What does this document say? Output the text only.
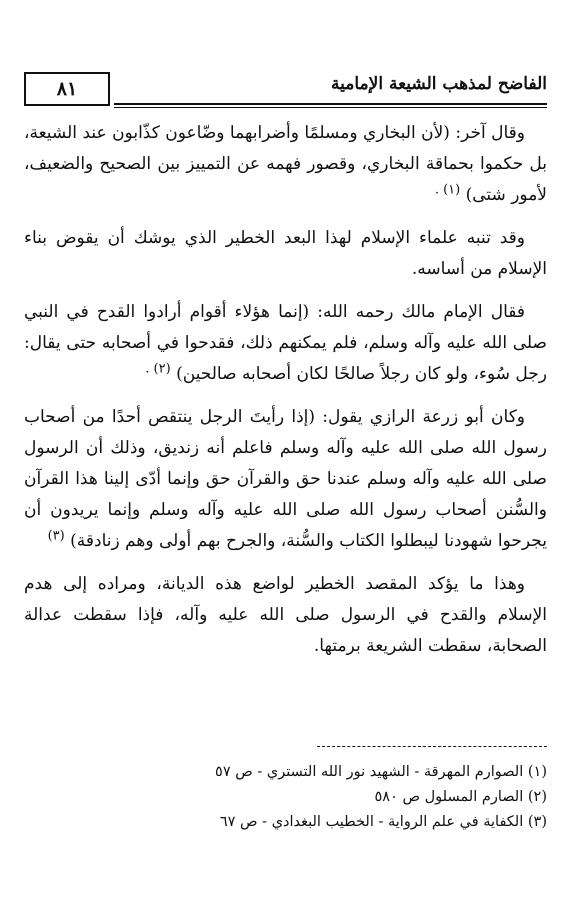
٨١	الفاضح لمذهب الشيعة الإمامية

وقال آخر: (لأن البخاري ومسلمًا وأضرابهما وضّاعون كذّابون عند الشيعة، بل حكموا بحماقة البخاري، وقصور فهمه عن التمييز بين الصحيح والضعيف، لأمور شتى) $^{(١) .}$

وقد تنبه علماء الإسلام لهذا البعد الخطير الذي يوشك أن يقوض بناء الإسلام من أساسه.

فقال الإمام مالك رحمه الله: (إنما هؤلاء أقوام أرادوا القدح في النبي صلى الله عليه وآله وسلم، فلم يمكنهم ذلك، فقدحوا في أصحابه حتى يقال: رجل سُوء، ولو كان رجلاً صالحًا لكان أصحابه صالحين) $^{(٢) .}$

وكان أبو زرعة الرازي يقول: (إذا رأيتَ الرجل ينتقص أحدًا من أصحاب رسول الله صلى الله عليه وآله وسلم فاعلم أنه زنديق، وذلك أن الرسول صلى الله عليه وآله وسلم عندنا حق والقرآن حق وإنما أدّى إلينا هذا القرآن والسُّنن أصحاب رسول الله صلى الله عليه وآله وسلم وإنما يريدون أن يجرحوا شهودنا ليبطلوا الكتاب والسُّنة، والجرح بهم أولى وهم زنادقة) $^{(٣)}$

وهذا ما يؤكد المقصد الخطير لواضع هذه الديانة، ومراده إلى هدم الإسلام والقدح في الرسول صلى الله عليه وآله، فإذا سقطت عدالة الصحابة، سقطت الشريعة برمتها.

(١) الصوارم المهرقة - الشهيد نور الله التستري - ص ٥٧
(٢) الصارم المسلول ص ٥٨٠
(٣) الكفاية في علم الرواية - الخطيب البغدادي - ص ٦٧
